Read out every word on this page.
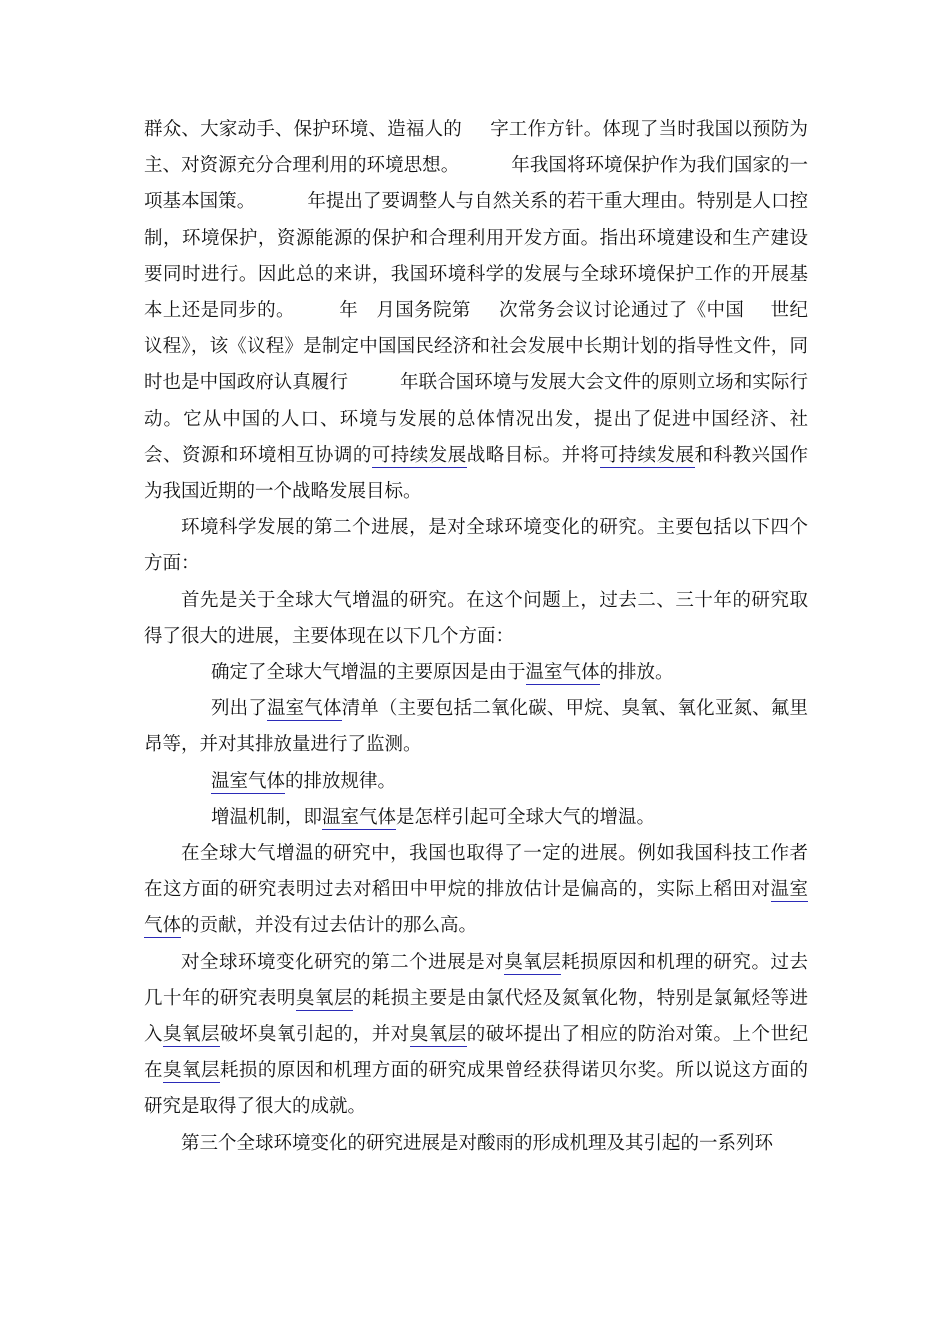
群众、大家动手、保护环境、造福人的 字工作方针。体现了当时我国以预防为主、对资源充分合理利用的环境思想。	年我国将环境保护作为我们国家的一项基本国策。	年提出了要调整人与自然关系的若干重大理由。特别是人口控制，环境保护，资源能源的保护和合理利用开发方面。指出环境建设和生产建设要同时进行。因此总的来讲，我国环境科学的发展与全球环境保护工作的开展基本上还是同步的。 年 月国务院第 次常务会议讨论通过了《中国 世纪议程》，该《议程》是制定中国国民经济和社会发展中长期计划的指导性文件，同时也是中国政府认真履行	年联合国环境与发展大会文件的原则立场和实际行动。它从中国的人口、环境与发展的总体情况出发，提出了促进中国经济、社会、资源和环境相互协调的可持续发展战略目标。并将可持续发展和科教兴国作为我国近期的一个战略发展目标。

环境科学发展的第二个进展，是对全球环境变化的研究。主要包括以下四个方面：

首先是关于全球大气增温的研究。在这个问题上，过去二、三十年的研究取得了很大的进展，主要体现在以下几个方面：

确定了全球大气增温的主要原因是由于温室气体的排放。

列出了温室气体清单（主要包括二氧化碳、甲烷、臭氧、氧化亚氮、氟里昂等，并对其排放量进行了监测。

温室气体的排放规律。

增温机制，即温室气体是怎样引起可全球大气的增温。

在全球大气增温的研究中，我国也取得了一定的进展。例如我国科技工作者在这方面的研究表明过去对稻田中甲烷的排放估计是偏高的，实际上稻田对温室气体的贡献，并没有过去估计的那么高。

对全球环境变化研究的第二个进展是对臭氧层耗损原因和机理的研究。过去几十年的研究表明臭氧层的耗损主要是由氯代烃及氮氧化物，特别是氯氟烃等进入臭氧层破坏臭氧引起的，并对臭氧层的破坏提出了相应的防治对策。上个世纪在臭氧层耗损的原因和机理方面的研究成果曾经获得诺贝尔奖。所以说这方面的研究是取得了很大的成就。

第三个全球环境变化的研究进展是对酸雨的形成机理及其引起的一系列环
